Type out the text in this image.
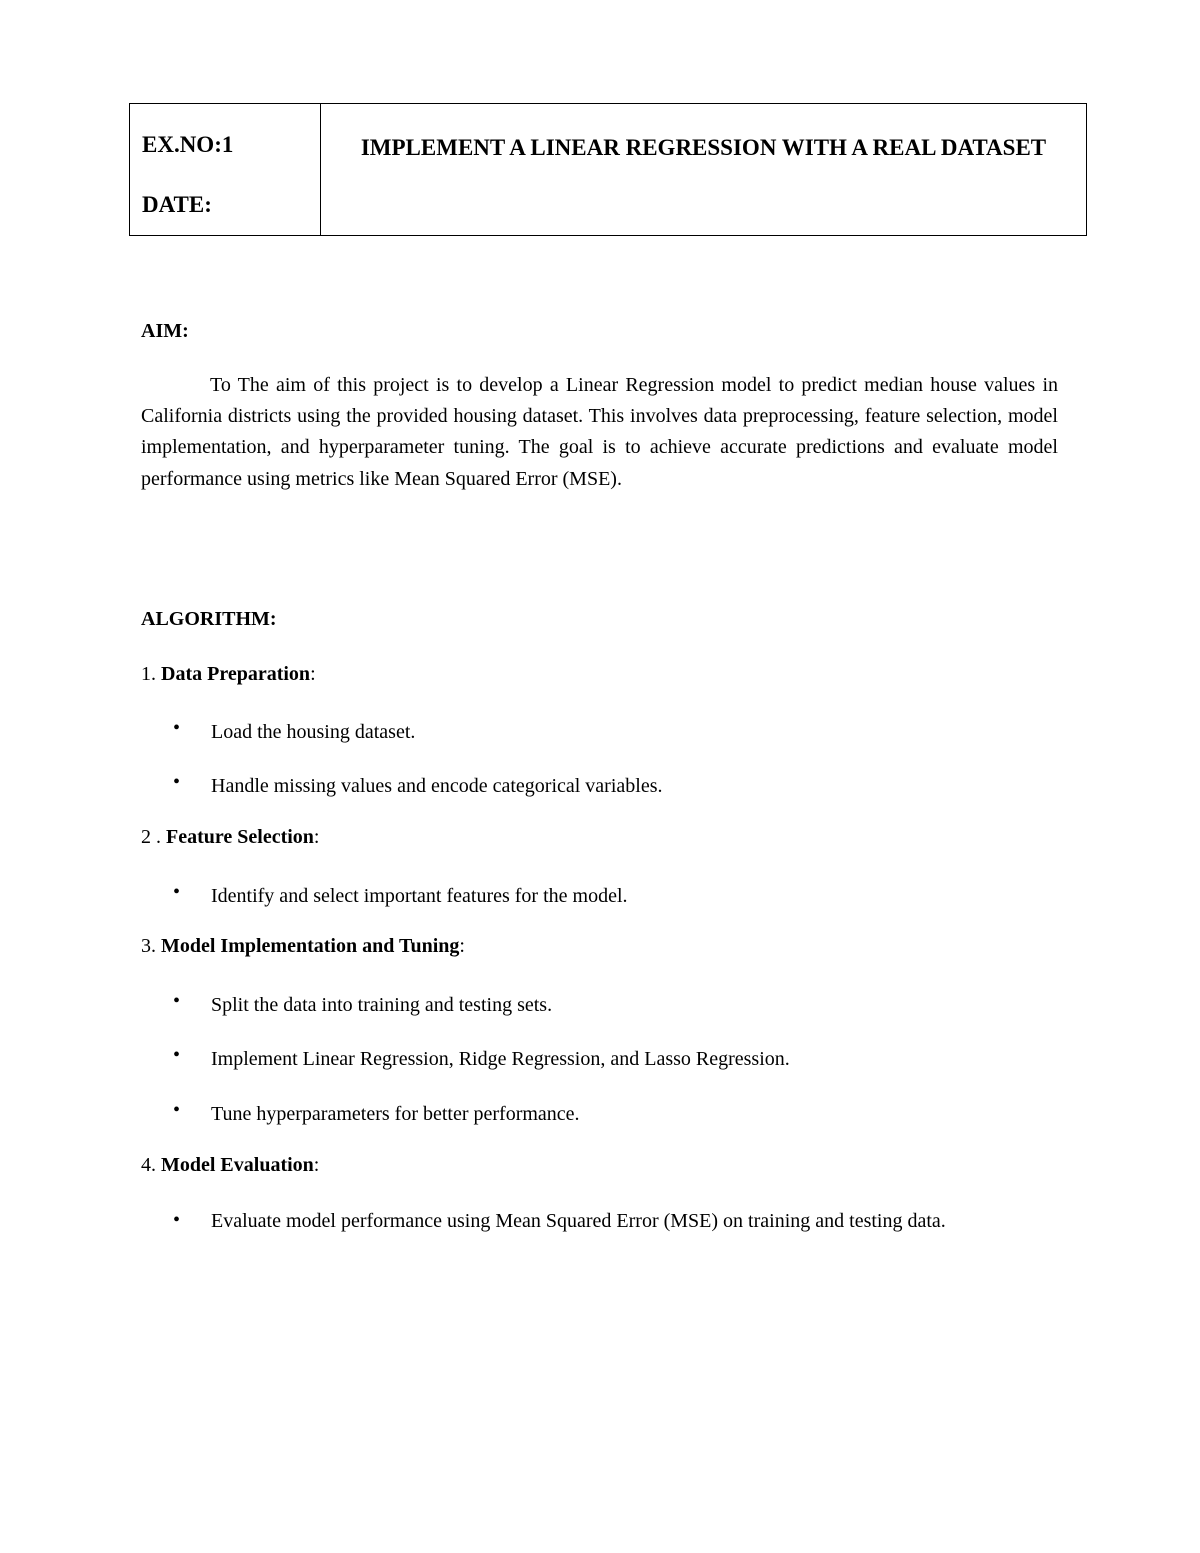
EX.NO:1
DATE:
IMPLEMENT A LINEAR REGRESSION WITH A REAL DATASET
AIM:

To The aim of this project is to develop a Linear Regression model to predict median house values in California districts using the provided housing dataset. This involves data preprocessing, feature selection, model implementation, and hyperparameter tuning. The goal is to achieve accurate predictions and evaluate model performance using metrics like Mean Squared Error (MSE).

ALGORITHM:
1. Data Preparation:
• Load the housing dataset.
• Handle missing values and encode categorical variables.
2 . Feature Selection:
• Identify and select important features for the model.
3. Model Implementation and Tuning:
• Split the data into training and testing sets.
• Implement Linear Regression, Ridge Regression, and Lasso Regression.
• Tune hyperparameters for better performance.
4. Model Evaluation:
• Evaluate model performance using Mean Squared Error (MSE) on training and testing data.
